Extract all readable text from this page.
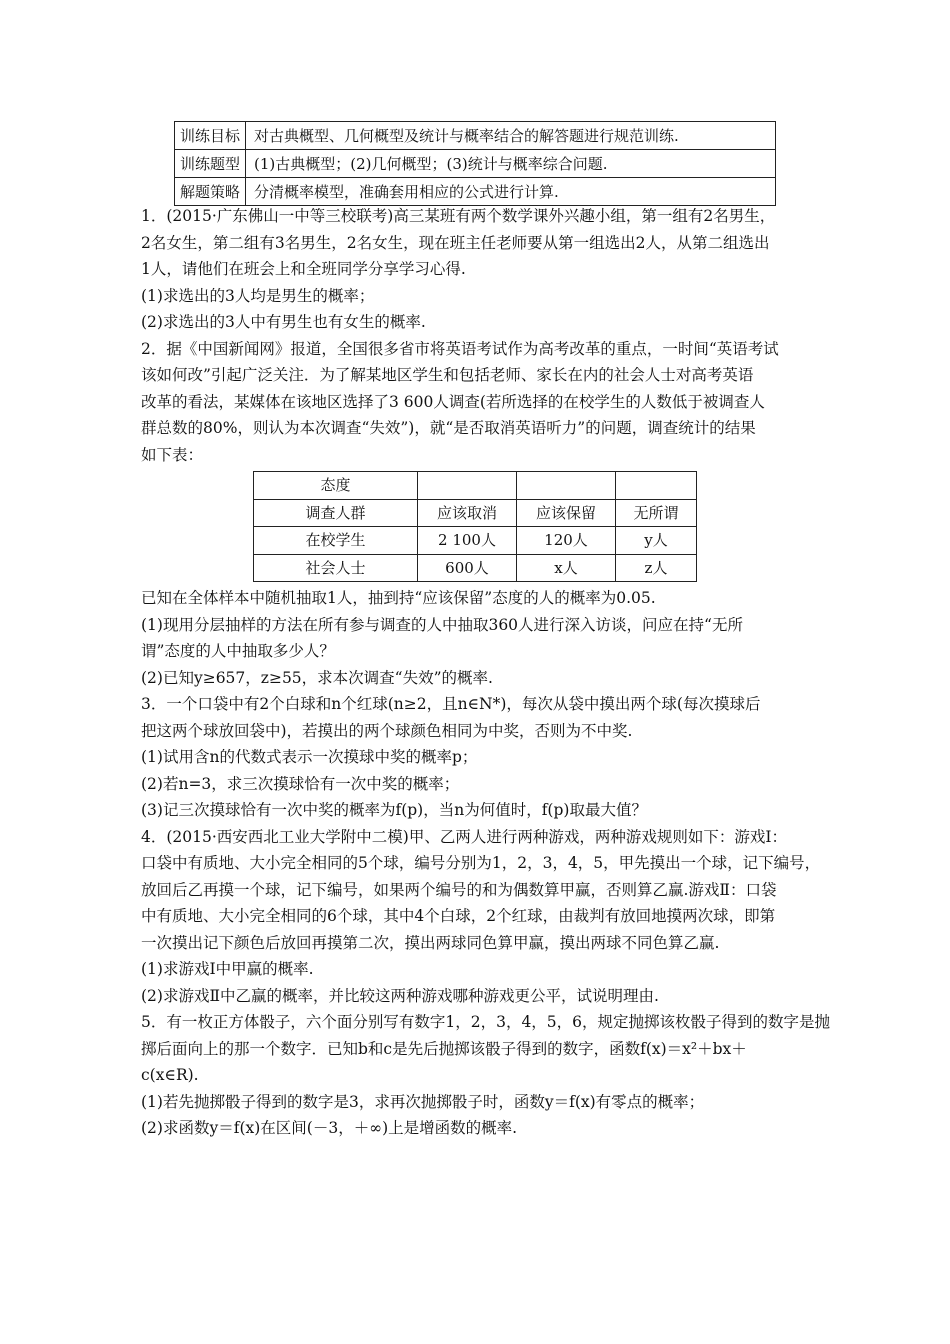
训练目标	对古典概型、几何概型及统计与概率结合的解答题进行规范训练.
训练题型	(1)古典概型；(2)几何概型；(3)统计与概率综合问题.
解题策略	分清概率模型，准确套用相应的公式进行计算.

1．(2015·广东佛山一中等三校联考)高三某班有两个数学课外兴趣小组，第一组有2名男生，

2名女生，第二组有3名男生，2名女生，现在班主任老师要从第一组选出2人，从第二组选出

1人，请他们在班会上和全班同学分享学习心得.

(1)求选出的3人均是男生的概率；

(2)求选出的3人中有男生也有女生的概率.

2．据《中国新闻网》报道，全国很多省市将英语考试作为高考改革的重点，一时间“英语考试

该如何改”引起广泛关注．为了解某地区学生和包括老师、家长在内的社会人士对高考英语

改革的看法，某媒体在该地区选择了3 600人调查(若所选择的在校学生的人数低于被调查人

群总数的80%，则认为本次调查“失效”)，就“是否取消英语听力”的问题，调查统计的结果

如下表：

态度			
调查人群	应该取消	应该保留	无所谓
在校学生	2 100人	120人	y人
社会人士	600人	x人	z人

已知在全体样本中随机抽取1人，抽到持“应该保留”态度的人的概率为0.05.

(1)现用分层抽样的方法在所有参与调查的人中抽取360人进行深入访谈，问应在持“无所

谓”态度的人中抽取多少人？

(2)已知y≥657，z≥55，求本次调查“失效”的概率.

3．一个口袋中有2个白球和n个红球(n≥2，且n∈N*)，每次从袋中摸出两个球(每次摸球后

把这两个球放回袋中)，若摸出的两个球颜色相同为中奖，否则为不中奖.

(1)试用含n的代数式表示一次摸球中奖的概率p；

(2)若n=3，求三次摸球恰有一次中奖的概率；

(3)记三次摸球恰有一次中奖的概率为f(p)，当n为何值时，f(p)取最大值？

4．(2015·西安西北工业大学附中二模)甲、乙两人进行两种游戏，两种游戏规则如下：游戏Ⅰ：

口袋中有质地、大小完全相同的5个球，编号分别为1，2，3，4，5，甲先摸出一个球，记下编号，

放回后乙再摸一个球，记下编号，如果两个编号的和为偶数算甲赢，否则算乙赢.游戏Ⅱ：口袋

中有质地、大小完全相同的6个球，其中4个白球，2个红球，由裁判有放回地摸两次球，即第

一次摸出记下颜色后放回再摸第二次，摸出两球同色算甲赢，摸出两球不同色算乙赢.

(1)求游戏Ⅰ中甲赢的概率.

(2)求游戏Ⅱ中乙赢的概率，并比较这两种游戏哪种游戏更公平，试说明理由.

5．有一枚正方体骰子，六个面分别写有数字1，2，3，4，5，6，规定抛掷该枚骰子得到的数字是抛

掷后面向上的那一个数字．已知b和c是先后抛掷该骰子得到的数字，函数f(x)＝x²＋bx＋

c(x∈R).

(1)若先抛掷骰子得到的数字是3，求再次抛掷骰子时，函数y＝f(x)有零点的概率；

(2)求函数y＝f(x)在区间(－3，＋∞)上是增函数的概率.
